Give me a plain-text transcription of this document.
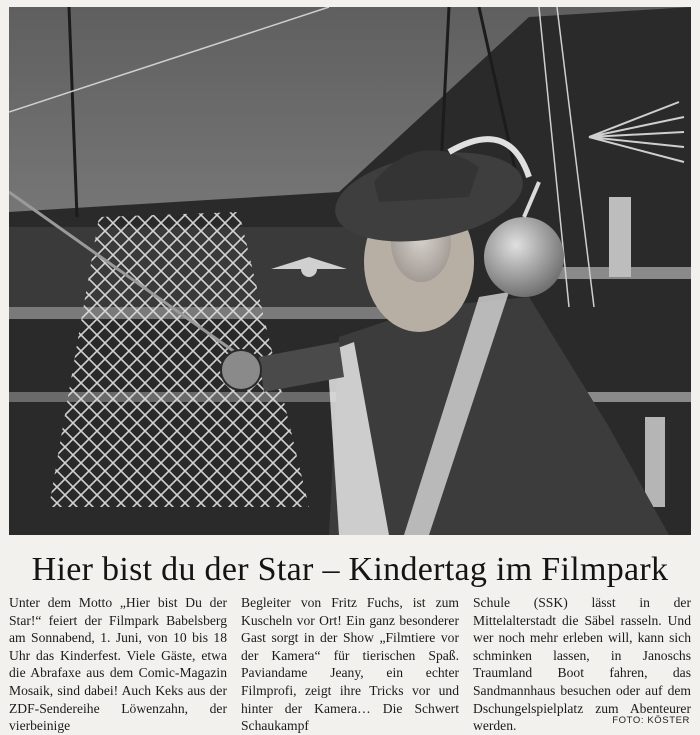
Hier bist du der Star – Kindertag im Filmpark
Unter dem Motto „Hier bist Du der Star!“ feiert der Filmpark Babelsberg am Sonnabend, 1. Juni, von 10 bis 18 Uhr das Kinderfest. Viele Gäste, etwa die Abrafaxe aus dem Comic-Magazin Mosaik, sind dabei! Auch Keks aus der ZDF-Sendereihe Löwenzahn, der vierbeinige
Begleiter von Fritz Fuchs, ist zum Kuscheln vor Ort! Ein ganz besonderer Gast sorgt in der Show „Filmtiere vor der Kamera“ für tierischen Spaß. Paviandame Jeany, ein echter Filmprofi, zeigt ihre Tricks vor und hinter der Kamera… Die Schwert Schaukampf
Schule (SSK) lässt in der Mittelalterstadt die Säbel rasseln. Und wer noch mehr erleben will, kann sich schminken lassen, in Janoschs Traumland Boot fahren, das Sandmannhaus besuchen oder auf dem Dschungelspielplatz zum Abenteurer werden.	FOTO: KÖSTER
